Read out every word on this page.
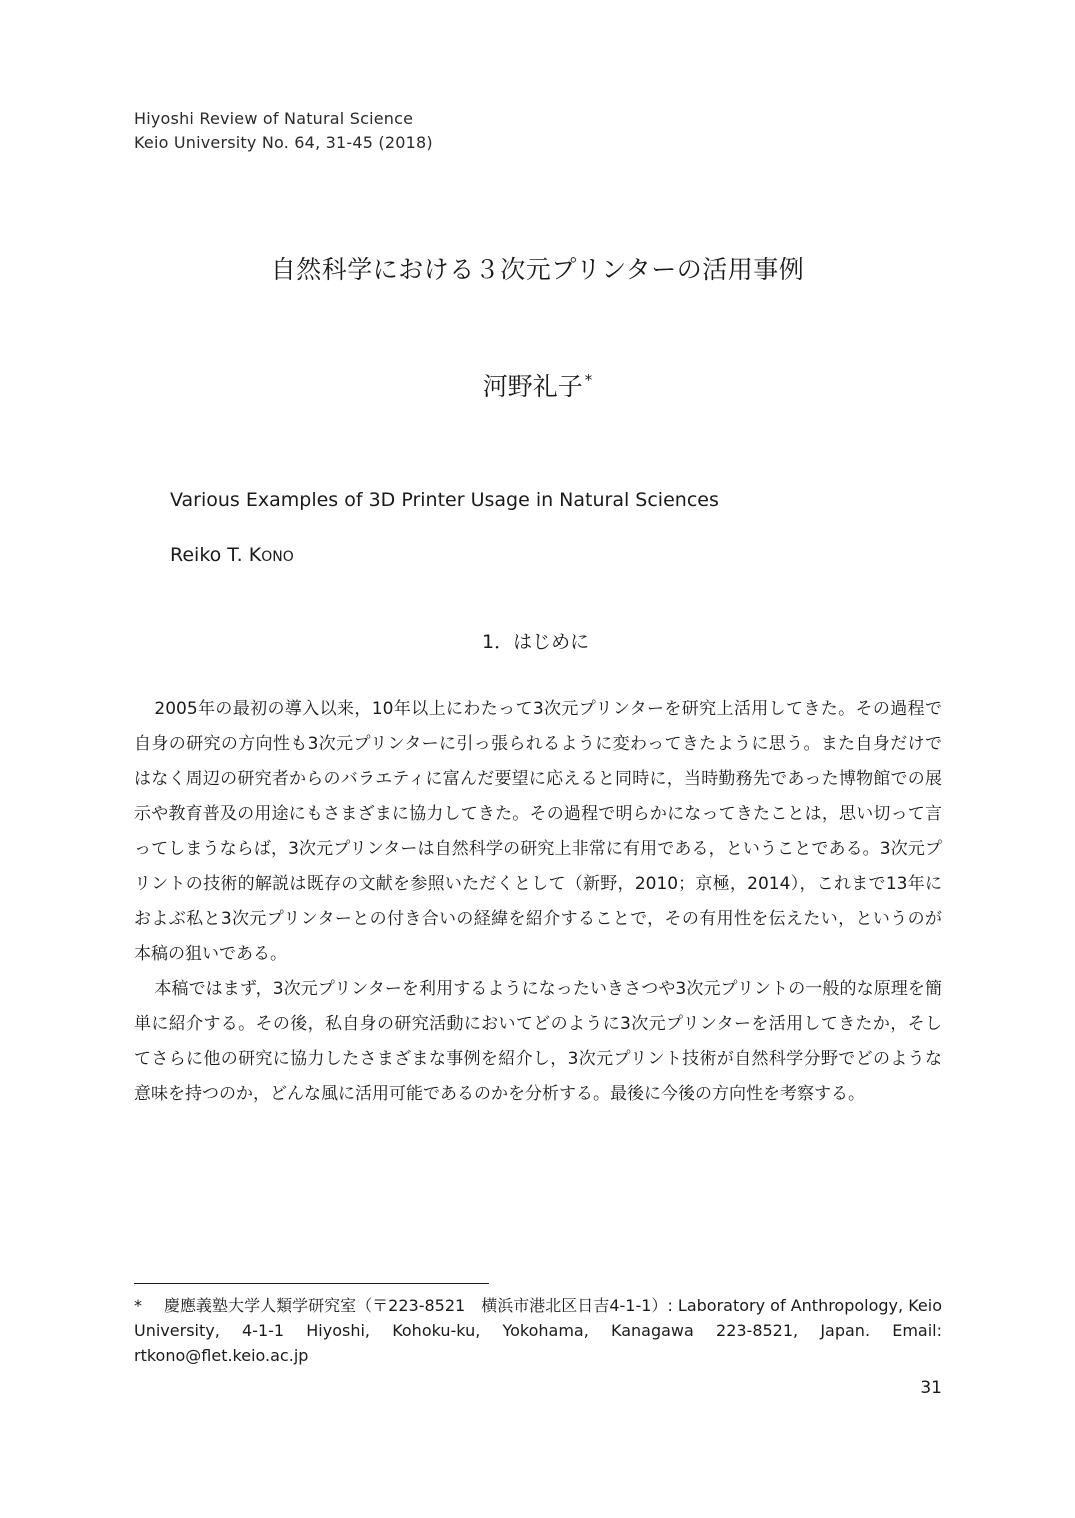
Hiyoshi Review of Natural Science
Keio University No. 64, 31-45 (2018)
自然科学における３次元プリンターの活用事例
河野礼子 *
Various Examples of 3D Printer Usage in Natural Sciences
Reiko T. KONO
1．はじめに

2005年の最初の導入以来，10年以上にわたって3次元プリンターを研究上活用してきた。その過程で自身の研究の方向性も3次元プリンターに引っ張られるように変わってきたように思う。また自身だけではなく周辺の研究者からのバラエティに富んだ要望に応えると同時に，当時勤務先であった博物館での展示や教育普及の用途にもさまざまに協力してきた。その過程で明らかになってきたことは，思い切って言ってしまうならば，3次元プリンターは自然科学の研究上非常に有用である，ということである。3次元プリントの技術的解説は既存の文献を参照いただくとして（新野，2010；京極，2014），これまで13年におよぶ私と3次元プリンターとの付き合いの経緯を紹介することで，その有用性を伝えたい，というのが本稿の狙いである。

本稿ではまず，3次元プリンターを利用するようになったいきさつや3次元プリントの一般的な原理を簡単に紹介する。その後，私自身の研究活動においてどのように3次元プリンターを活用してきたか，そしてさらに他の研究に協力したさまざまな事例を紹介し，3次元プリント技術が自然科学分野でどのような意味を持つのか，どんな風に活用可能であるのかを分析する。最後に今後の方向性を考察する。

* 慶應義塾大学人類学研究室（〒223-8521　横浜市港北区日吉4-1-1）: Laboratory of Anthropology, Keio University, 4-1-1 Hiyoshi, Kohoku-ku, Yokohama, Kanagawa 223-8521, Japan. Email: rtkono@flet.keio.ac.jp
31
